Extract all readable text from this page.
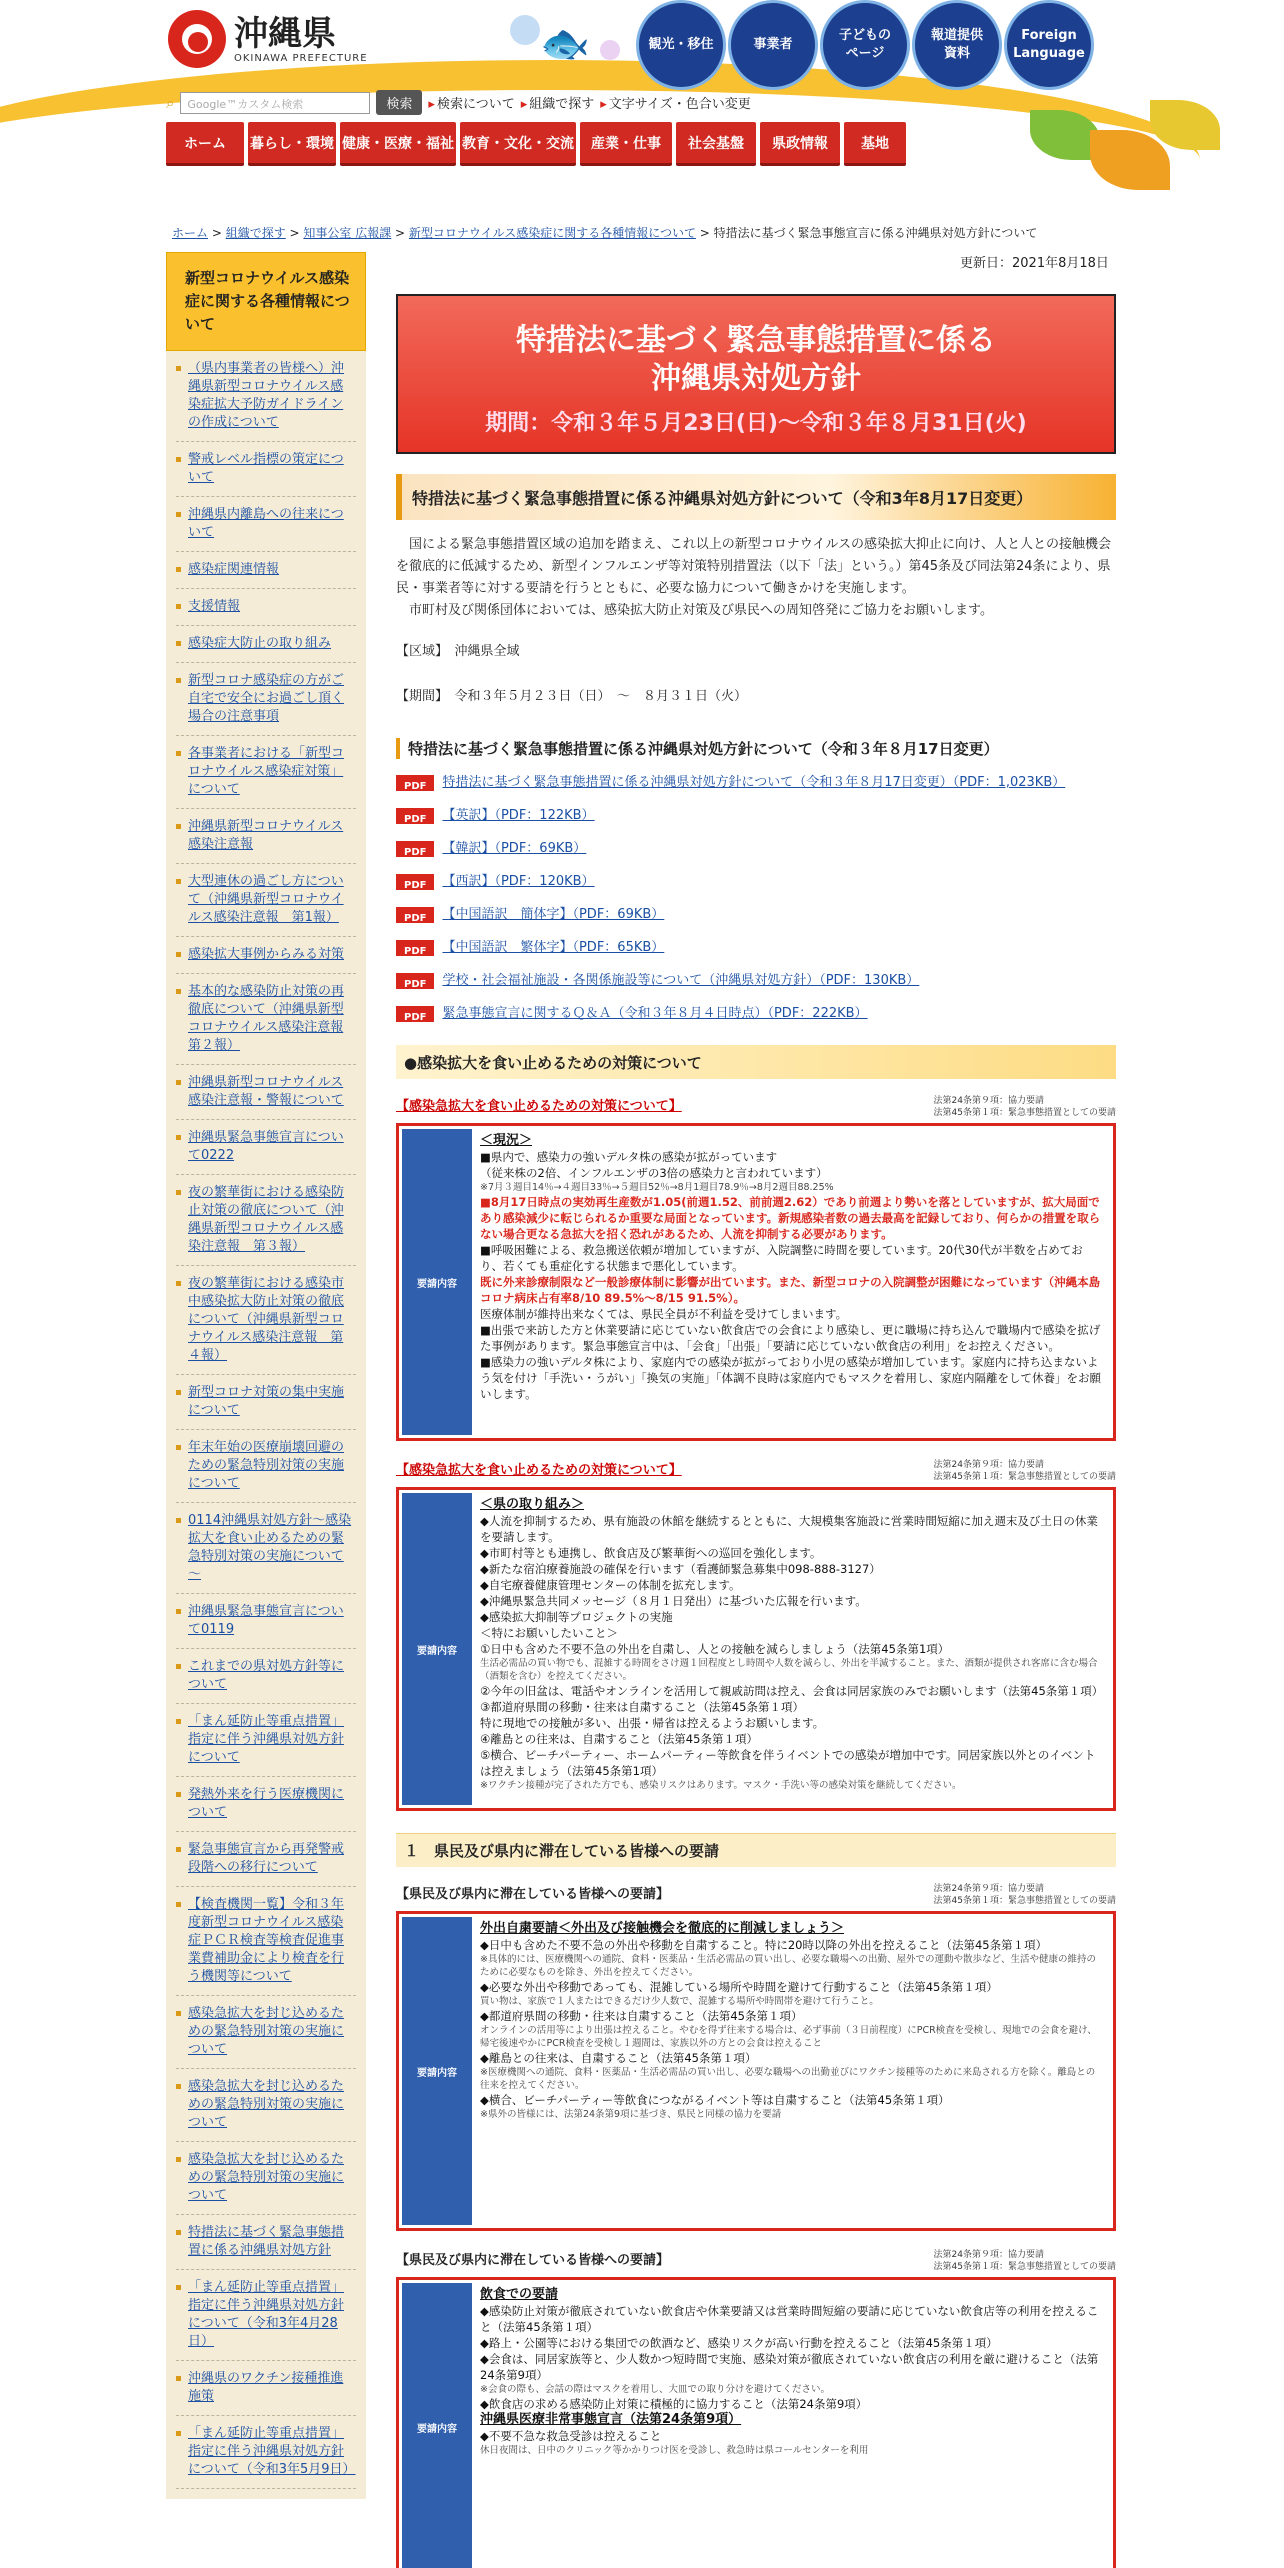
沖縄県
OKINAWA PREFECTURE	🐟	観光・移住	事業者
子どもの
ページ
報道提供
資料
Foreign
Language
⌕	Google™カスタム検索	検索	▸ 検索について	▸ 組織で探す	▸ 文字サイズ・色合い変更
ホーム	暮らし・環境 健康・医療・福祉 教育・文化・交流	産業・仕事	社会基盤	県政情報	基地
ホーム > 組織で探す > 知事公室 広報課 > 新型コロナウイルス感染症に関する各種情報について > 特措法に基づく緊急事態宣言に係る沖縄県対処方針について
更新日：2021年8月18日
新型コロナウイルス感染症に関する各種情報について
（県内事業者の皆様へ）沖縄県新型コロナウイルス感染症拡大予防ガイドラインの作成について
警戒レベル指標の策定について
沖縄県内離島への往来について
感染症関連情報
支援情報
感染症大防止の取り組み
新型コロナ感染症の方がご自宅で安全にお過ごし頂く場合の注意事項
各事業者における「新型コロナウイルス感染症対策」について
沖縄県新型コロナウイルス感染注意報
大型連休の過ごし方について（沖縄県新型コロナウイルス感染注意報　第1報）
感染拡大事例からみる対策
基本的な感染防止対策の再徹底について（沖縄県新型コロナウイルス感染注意報第２報）
沖縄県新型コロナウイルス感染注意報・警報について
沖縄県緊急事態宣言について0222
夜の繁華街における感染防止対策の徹底について（沖縄県新型コロナウイルス感染注意報　第３報）
夜の繁華街における感染市中感染拡大防止対策の徹底について（沖縄県新型コロナウイルス感染注意報　第４報）
新型コロナ対策の集中実施について
年末年始の医療崩壊回避のための緊急特別対策の実施について
0114沖縄県対処方針～感染拡大を食い止めるための緊急特別対策の実施について～
沖縄県緊急事態宣言について0119
これまでの県対処方針等について
「まん延防止等重点措置」指定に伴う沖縄県対処方針について
発熱外来を行う医療機関について
緊急事態宣言から再発警戒段階への移行について
【検査機関一覧】令和３年度新型コロナウイルス感染症ＰＣＲ検査等検査促進事業費補助金により検査を行う機関等について
感染急拡大を封じ込めるための緊急特別対策の実施について
感染急拡大を封じ込めるための緊急特別対策の実施について
感染急拡大を封じ込めるための緊急特別対策の実施について
特措法に基づく緊急事態措置に係る沖縄県対処方針
「まん延防止等重点措置」指定に伴う沖縄県対処方針について（令和3年4月28日）
沖縄県のワクチン接種推進施策
「まん延防止等重点措置」指定に伴う沖縄県対処方針について（令和3年5月9日）
特措法に基づく緊急事態措置に係る
沖縄県対処方針
期間：令和３年５月23日(日)～令和３年８月31日(火)
特措法に基づく緊急事態措置に係る沖縄県対処方針について（令和3年8月17日変更）

国による緊急事態措置区域の追加を踏まえ、これ以上の新型コロナウイルスの感染拡大抑止に向け、人と人との接触機会を徹底的に低減するため、新型インフルエンザ等対策特別措置法（以下「法」という。）第45条及び同法第24条により、県民・事業者等に対する要請を行うとともに、必要な協力について働きかけを実施します。

市町村及び関係団体においては、感染拡大防止対策及び県民への周知啓発にご協力をお願いします。

【区域】　 沖縄県全域
【期間】　 令和３年５月２３日（日）　～　８月３１日（火）
特措法に基づく緊急事態措置に係る沖縄県対処方針について（令和３年８月17日変更）
PDF	特措法に基づく緊急事態措置に係る沖縄県対処方針について（令和３年８月17日変更）（PDF：1,023KB）
PDF	【英訳】（PDF：122KB）
PDF	【韓訳】（PDF：69KB）
PDF	【西訳】（PDF：120KB）
PDF	【中国語訳　簡体字】（PDF：69KB）
PDF	【中国語訳　繁体字】（PDF：65KB）
PDF	学校・社会福祉施設・各関係施設等について（沖縄県対処方針）（PDF：130KB）
PDF	緊急事態宣言に関するＱ＆Ａ（令和３年８月４日時点）（PDF：222KB）
●感染拡大を食い止めるための対策について
【感染急拡大を食い止めるための対策について】	法第24条第９項：協力要請
法第45条第１項：緊急事態措置としての要請
要請内容
＜現況＞
■県内で、感染力の強いデルタ株の感染が拡がっています
（従来株の2倍、インフルエンザの3倍の感染力と言われています）
※7月３週目14％→４週目33％→５週目52％→8月1週目78.9％→8月2週目88.25%
■8月17日時点の実効再生産数が1.05(前週1.52、前前週2.62）であり前週より勢いを落としていますが、拡大局面であり感染減少に転じられるか重要な局面となっています。新規感染者数の過去最高を記録しており、何らかの措置を取らない場合更なる急拡大を招く恐れがあるため、人流を抑制する必要があります。
■呼吸困難による、救急搬送依頼が増加していますが、入院調整に時間を要しています。20代30代が半数を占めており、若くても重症化する状態まで悪化しています。
既に外来診療制限など一般診療体制に影響が出ています。また、新型コロナの入院調整が困難になっています（沖縄本島コロナ病床占有率8/10 89.5%～8/15 91.5%）。
医療体制が維持出来なくては、県民全員が不利益を受けてしまいます。
■出張で来訪した方と休業要請に応じていない飲食店での会食により感染し、更に職場に持ち込んで職場内で感染を拡げた事例があります。緊急事態宣言中は、「会食」「出張」「要請に応じていない飲食店の利用」をお控えください。
■感染力の強いデルタ株により、家庭内での感染が拡がっており小児の感染が増加しています。家庭内に持ち込まないよう気を付け「手洗い・うがい」「換気の実施」「体調不良時は家庭内でもマスクを着用し、家庭内隔離をして休養」をお願いします。
【感染急拡大を食い止めるための対策について】	法第24条第９項：協力要請
法第45条第１項：緊急事態措置としての要請
要請内容
＜県の取り組み＞
◆人流を抑制するため、県有施設の休館を継続するとともに、大規模集客施設に営業時間短縮に加え週末及び土日の休業を要請します。
◆市町村等とも連携し、飲食店及び繁華街への巡回を強化します。
◆新たな宿泊療養施設の確保を行います（看護師緊急募集中098-888-3127）
◆自宅療養健康管理センターの体制を拡充します。
◆沖縄県緊急共同メッセージ（８月１日発出）に基づいた広報を行います。
◆感染拡大抑制等プロジェクトの実施
＜特にお願いしたいこと＞
①日中も含めた不要不急の外出を自粛し、人との接触を減らしましょう（法第45条第1項）
生活必需品の買い物でも、混雑する時間をさけ週１回程度とし時間や人数を減らし、外出を半減すること。また、酒類が提供され客席に含む場合（酒類を含む）を控えてください。
②今年の旧盆は、電話やオンラインを活用して親戚訪問は控え、会食は同居家族のみでお願いします（法第45条第１項）
③都道府県間の移動・往来は自粛すること（法第45条第１項）
特に現地での接触が多い、出張・帰省は控えるようお願いします。
④離島との往来は、自粛すること（法第45条第１項）
⑤横合、ビーチパーティー、ホームパーティー等飲食を伴うイベントでの感染が増加中です。同居家族以外とのイベントは控えましょう（法第45条第1項）
※ワクチン接種が完了された方でも、感染リスクはあります。マスク・手洗い等の感染対策を継続してください。
１　県民及び県内に滞在している皆様への要請
【県民及び県内に滞在している皆様への要請】	法第24条第９項：協力要請
法第45条第１項：緊急事態措置としての要請
要請内容
外出自粛要請＜外出及び接触機会を徹底的に削減しましょう＞
◆日中も含めた不要不急の外出や移動を自粛すること。特に20時以降の外出を控えること（法第45条第１項）
※具体的には、医療機関への通院、食料・医薬品・生活必需品の買い出し、必要な職場への出勤、屋外での運動や散歩など、生活や健康の維持のために必要なものを除き、外出を控えてください。
◆必要な外出や移動であっても、混雑している場所や時間を避けて行動すること（法第45条第１項）
買い物は、家族で１人またはできるだけ少人数で、混雑する場所や時間帯を避けて行うこと。
◆都道府県間の移動・往来は自粛すること（法第45条第１項）
オンラインの活用等により出張は控えること。やむを得ず往来する場合は、必ず事前（３日前程度）にPCR検査を受検し、現地での会食を避け、帰宅後速やかにPCR検査を受検し１週間は、家族以外の方との会食は控えること
◆離島との往来は、自粛すること（法第45条第１項）
※医療機関への通院、食料・医薬品・生活必需品の買い出し、必要な職場への出勤並びにワクチン接種等のために来島される方を除く。離島との往来を控えてください。
◆横合、ビーチパーティー等飲食につながるイベント等は自粛すること（法第45条第１項）
※県外の皆様には、法第24条第9項に基づき、県民と同様の協力を要請
【県民及び県内に滞在している皆様への要請】	法第24条第９項：協力要請
法第45条第１項：緊急事態措置としての要請
要請内容
飲食での要請
◆感染防止対策が徹底されていない飲食店や休業要請又は営業時間短縮の要請に応じていない飲食店等の利用を控えること（法第45条第１項）
◆路上・公園等における集団での飲酒など、感染リスクが高い行動を控えること（法第45条第１項）
◆会食は、同居家族等と、少人数かつ短時間で実施、感染対策が徹底されていない飲食店の利用を厳に避けること（法第24条第9項）
※会食の際も、会話の際はマスクを着用し、大皿での取り分けを避けてください。
◆飲食店の求める感染防止対策に積極的に協力すること（法第24条第9項）
沖縄県医療非常事態宣言（法第24条第9項）
◆不要不急な救急受診は控えること
休日夜間は、日中のクリニック等かかりつけ医を受診し、救急時は県コールセンターを利用
